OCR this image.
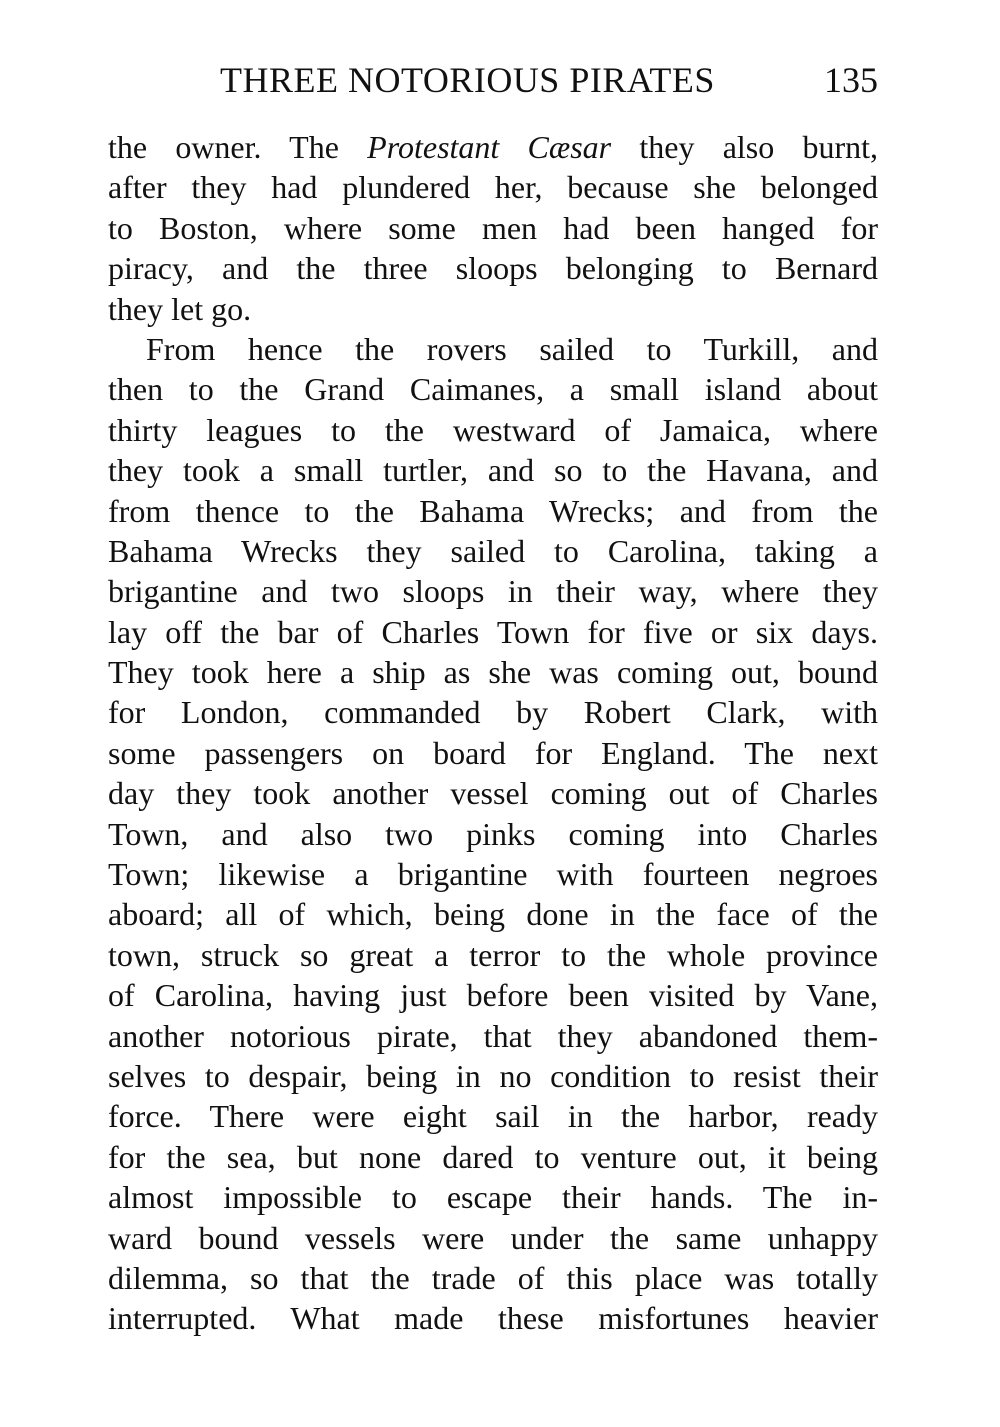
THREE NOTORIOUS PIRATES	135
the owner. The Protestant Cæsar they also burnt,
after they had plundered her, because she belonged
to Boston, where some men had been hanged for
piracy, and the three sloops belonging to Bernard
they let go.
From hence the rovers sailed to Turkill, and
then to the Grand Caimanes, a small island about
thirty leagues to the westward of Jamaica, where
they took a small turtler, and so to the Havana, and
from thence to the Bahama Wrecks; and from the
Bahama Wrecks they sailed to Carolina, taking a
brigantine and two sloops in their way, where they
lay off the bar of Charles Town for five or six days.
They took here a ship as she was coming out, bound
for London, commanded by Robert Clark, with
some passengers on board for England. The next
day they took another vessel coming out of Charles
Town, and also two pinks coming into Charles
Town; likewise a brigantine with fourteen negroes
aboard; all of which, being done in the face of the
town, struck so great a terror to the whole province
of Carolina, having just before been visited by Vane,
another notorious pirate, that they abandoned them-
selves to despair, being in no condition to resist their
force. There were eight sail in the harbor, ready
for the sea, but none dared to venture out, it being
almost impossible to escape their hands. The in-
ward bound vessels were under the same unhappy
dilemma, so that the trade of this place was totally
interrupted. What made these misfortunes heavier
